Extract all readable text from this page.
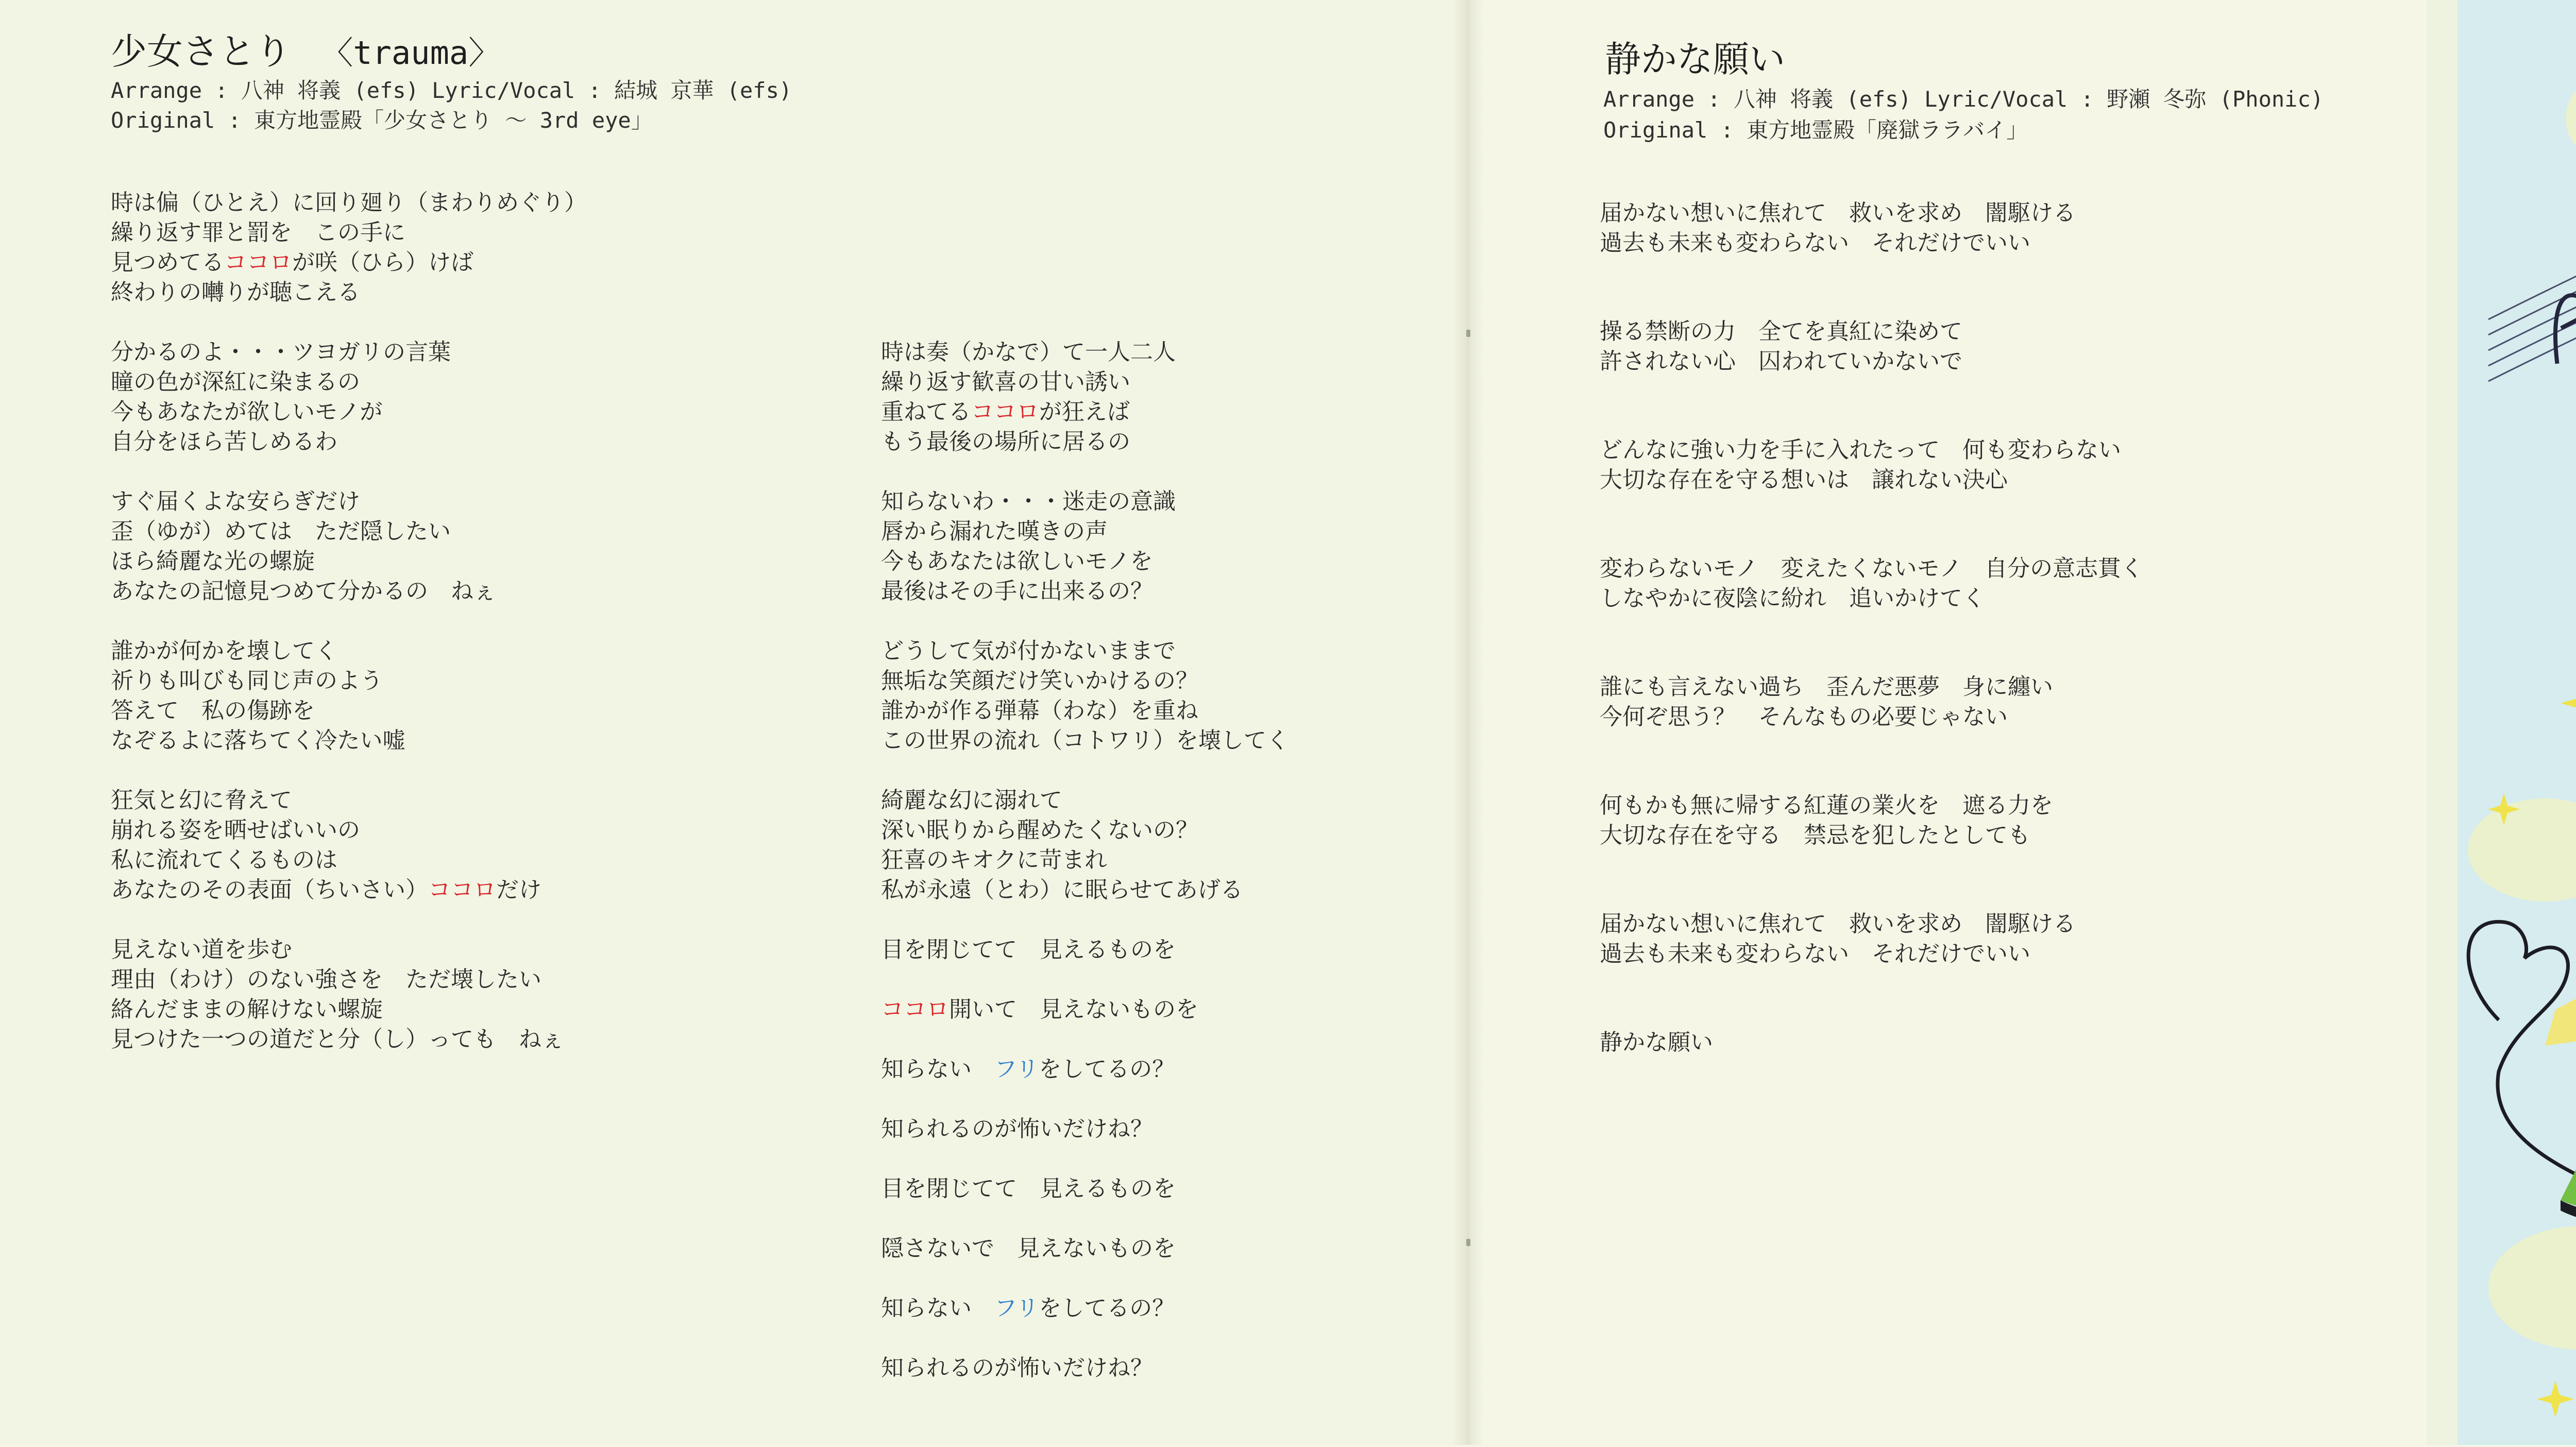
少女さとり 〈trauma〉
Arrange : 八神 将義 (efs) Lyric/Vocal : 結城 京華 (efs)
Original : 東方地霊殿「少女さとり ～ 3rd eye」
時は偏（ひとえ）に回り廻り（まわりめぐり）
繰り返す罪と罰を　この手に
見つめてるココロが咲（ひら）けば
終わりの囀りが聴こえる
分かるのよ・・・ツヨガリの言葉
瞳の色が深紅に染まるの
今もあなたが欲しいモノが
自分をほら苦しめるわ
すぐ届くよな安らぎだけ
歪（ゆが）めては　ただ隠したい
ほら綺麗な光の螺旋
あなたの記憶見つめて分かるの　ねぇ
誰かが何かを壊してく
祈りも叫びも同じ声のよう
答えて　私の傷跡を
なぞるよに落ちてく冷たい嘘
狂気と幻に脅えて
崩れる姿を晒せばいいの
私に流れてくるものは
あなたのその表面（ちいさい）ココロだけ
見えない道を歩む
理由（わけ）のない強さを　ただ壊したい
絡んだままの解けない螺旋
見つけた一つの道だと分（し）っても　ねぇ
時は奏（かなで）て一人二人
繰り返す歓喜の甘い誘い
重ねてるココロが狂えば
もう最後の場所に居るの
知らないわ・・・迷走の意識
唇から漏れた嘆きの声
今もあなたは欲しいモノを
最後はその手に出来るの？
どうして気が付かないままで
無垢な笑顔だけ笑いかけるの？
誰かが作る弾幕（わな）を重ね
この世界の流れ（コトワリ）を壊してく
綺麗な幻に溺れて
深い眠りから醒めたくないの？
狂喜のキオクに苛まれ
私が永遠（とわ）に眠らせてあげる
目を閉じてて　見えるものを
ココロ開いて　見えないものを
知らない　フリをしてるの？
知られるのが怖いだけね？
目を閉じてて　見えるものを
隠さないで　見えないものを
知らない　フリをしてるの？
知られるのが怖いだけね？
静かな願い
Arrange : 八神 将義 (efs) Lyric/Vocal : 野瀬 冬弥 (Phonic)
Original : 東方地霊殿「廃獄ララバイ」
届かない想いに焦れて　救いを求め　闇駆ける
過去も未来も変わらない　それだけでいい
操る禁断の力　全てを真紅に染めて
許されない心　囚われていかないで
どんなに強い力を手に入れたって　何も変わらない
大切な存在を守る想いは　譲れない決心
変わらないモノ　変えたくないモノ　自分の意志貫く
しなやかに夜陰に紛れ　追いかけてく
誰にも言えない過ち　歪んだ悪夢　身に纏い
今何ぞ思う？　そんなもの必要じゃない
何もかも無に帰する紅蓮の業火を　遮る力を
大切な存在を守る　禁忌を犯したとしても
届かない想いに焦れて　救いを求め　闇駆ける
過去も未来も変わらない　それだけでいい
静かな願い
